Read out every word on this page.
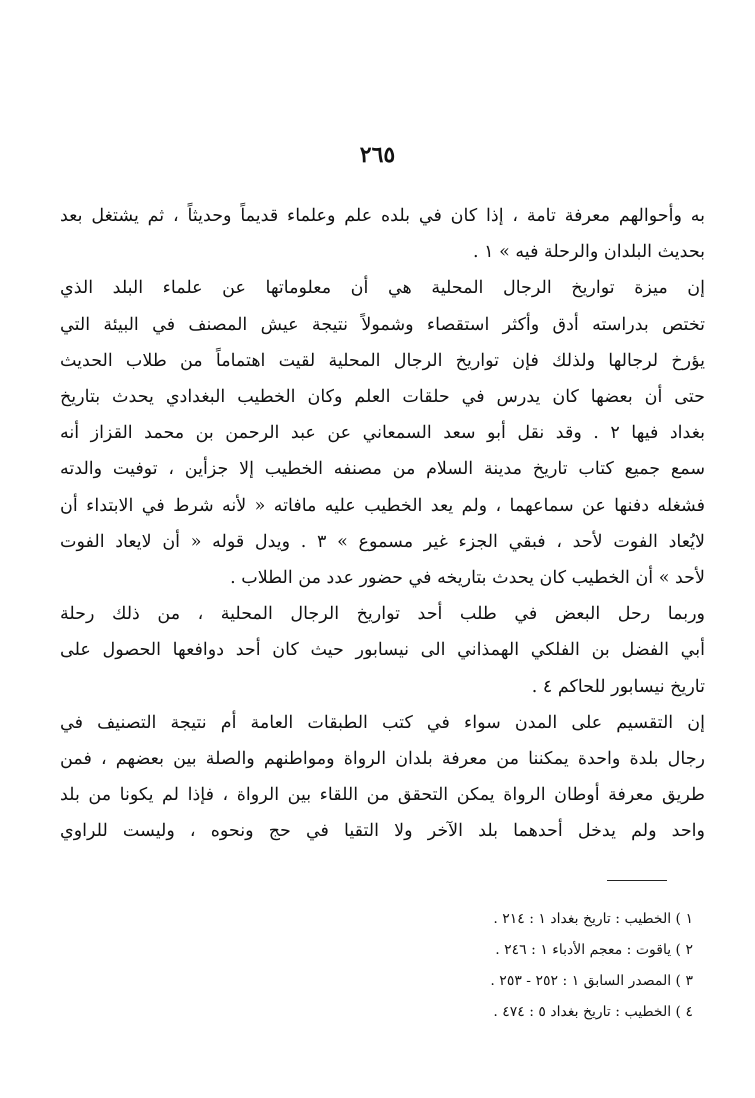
٢٦٥
به وأحوالهم معرفة تامة ، إذا كان في بلده علم وعلماء قديماً وحديثاً ، ثم يشتغل بعد
بحديث البلدان والرحلة فيه » ١ .
إن ميزة تواريخ الرجال المحلية هي أن معلوماتها عن علماء البلد الذي
تختص بدراسته أدق وأكثر استقصاء وشمولاً نتيجة عيش المصنف في البيئة التي
يؤرخ لرجالها ولذلك فإن تواريخ الرجال المحلية لقيت اهتماماً من طلاب الحديث
حتى أن بعضها كان يدرس في حلقات العلم وكان الخطيب البغدادي يحدث بتاريخ
بغداد فيها ٢ . وقد نقل أبو سعد السمعاني عن عبد الرحمن بن محمد القزاز أنه
سمع جميع كتاب تاريخ مدينة السلام من مصنفه الخطيب إلا جزأين ، توفيت والدته
فشغله دفنها عن سماعهما ، ولم يعد الخطيب عليه مافاته « لأنه شرط في الابتداء أن
لايُعاد الفوت لأحد ، فبقي الجزء غير مسموع » ٣ . ويدل قوله « أن لايعاد الفوت
لأحد » أن الخطيب كان يحدث بتاريخه في حضور عدد من الطلاب .
وربما رحل البعض في طلب أحد تواريخ الرجال المحلية ، من ذلك رحلة
أبي الفضل بن الفلكي الهمذاني الى نيسابور حيث كان أحد دوافعها الحصول على
تاريخ نيسابور للحاكم ٤ .
إن التقسيم على المدن سواء في كتب الطبقات العامة أم نتيجة التصنيف في
رجال بلدة واحدة يمكننا من معرفة بلدان الرواة ومواطنهم والصلة بين بعضهم ، فمن
طريق معرفة أوطان الرواة يمكن التحقق من اللقاء بين الرواة ، فإذا لم يكونا من بلد
واحد ولم يدخل أحدهما بلد الآخر ولا التقيا في حج ونحوه ، وليست للراوي
١ ) الخطيب : تاريخ بغداد ١ : ٢١٤ .
٢ ) ياقوت : معجم الأدباء ١ : ٢٤٦ .
٣ ) المصدر السابق ١ : ٢٥٢ - ٢٥٣ .
٤ ) الخطيب : تاريخ بغداد ٥ : ٤٧٤ .
